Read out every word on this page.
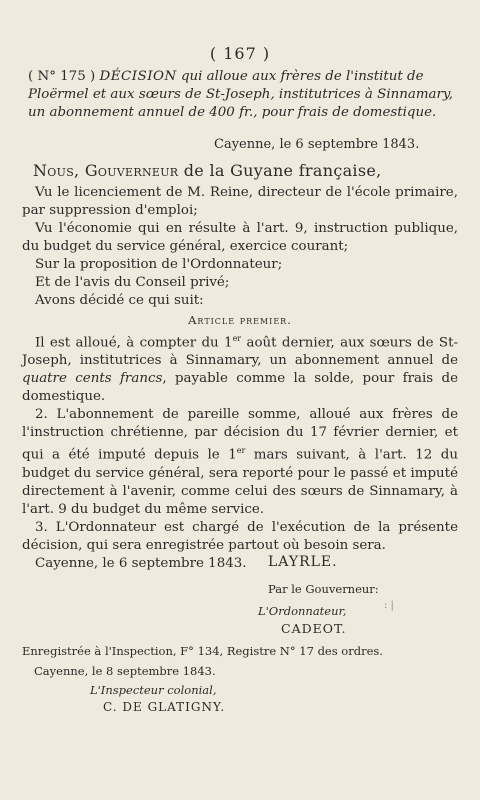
( 167 )
( N° 175 ) DÉCISION qui alloue aux frères de l'institut de Ploërmel et aux sœurs de St-Joseph, institutrices à Sinnamary, un abonnement annuel de 400 fr., pour frais de domestique.
Cayenne, le 6 septembre 1843.
Nous, Gouverneur de la Guyane française,
Vu le licenciement de M. Reine, directeur de l'école primaire, par suppression d'emploi;
Vu l'économie qui en résulte à l'art. 9, instruction publique, du budget du service général, exercice courant;
Sur la proposition de l'Ordonnateur;
Et de l'avis du Conseil privé;
Avons décidé ce qui suit:
Article premier.
Il est alloué, à compter du 1er août dernier, aux sœurs de St-Joseph, institutrices à Sinnamary, un abonnement annuel de quatre cents francs, payable comme la solde, pour frais de domestique.
2. L'abonnement de pareille somme, alloué aux frères de l'instruction chrétienne, par décision du 17 février dernier, et qui a été imputé depuis le 1er mars suivant, à l'art. 12 du budget du service général, sera reporté pour le passé et imputé directement à l'avenir, comme celui des sœurs de Sinnamary, à l'art. 9 du budget du même service.
3. L'Ordonnateur est chargé de l'exécution de la présente décision, qui sera enregistrée partout où besoin sera.
Cayenne, le 6 septembre 1843.	LAYRLE.
Par le Gouverneur:
L'Ordonnateur,
CADEOT.
: |
Enregistrée à l'Inspection, F° 134, Registre N° 17 des ordres.
Cayenne, le 8 septembre 1843.
L'Inspecteur colonial,
C. DE GLATIGNY.
